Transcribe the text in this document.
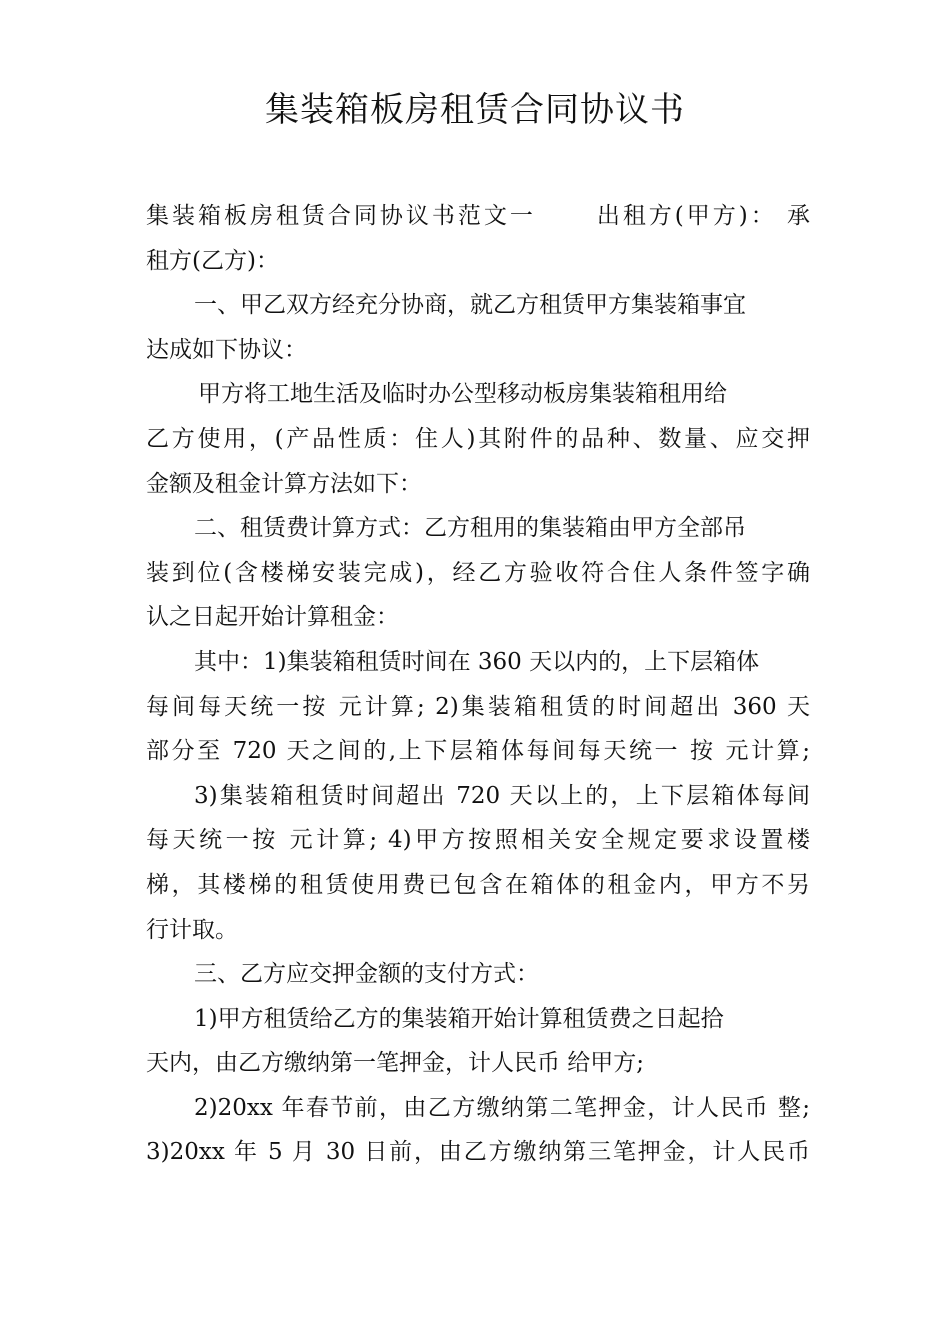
集装箱板房租赁合同协议书
集装箱板房租赁合同协议书范文一	出租方(甲方)： 承
租方(乙方)：
一、甲乙双方经充分协商，就乙方租赁甲方集装箱事宜
达成如下协议：
甲方将工地生活及临时办公型移动板房集装箱租用给
乙方使用，(产品性质：住人)其附件的品种、数量、应交押
金额及租金计算方法如下：
二、租赁费计算方式：乙方租用的集装箱由甲方全部吊
装到位(含楼梯安装完成)，经乙方验收符合住人条件签字确
认之日起开始计算租金：
其中：1)集装箱租赁时间在 360 天以内的，上下层箱体
每间每天统一按 元计算; 2)集装箱租赁的时间超出 360 天
部分至 720 天之间的,上下层箱体每间每天统一 按 元计算;
3)集装箱租赁时间超出 720 天以上的，上下层箱体每间
每天统一按 元计算; 4)甲方按照相关安全规定要求设置楼
梯，其楼梯的租赁使用费已包含在箱体的租金内，甲方不另
行计取。
三、乙方应交押金额的支付方式：
1)甲方租赁给乙方的集装箱开始计算租赁费之日起拾
天内，由乙方缴纳第一笔押金，计人民币 给甲方;
2)20xx 年春节前，由乙方缴纳第二笔押金，计人民币 整;
3)20xx 年 5 月 30 日前，由乙方缴纳第三笔押金，计人民币
